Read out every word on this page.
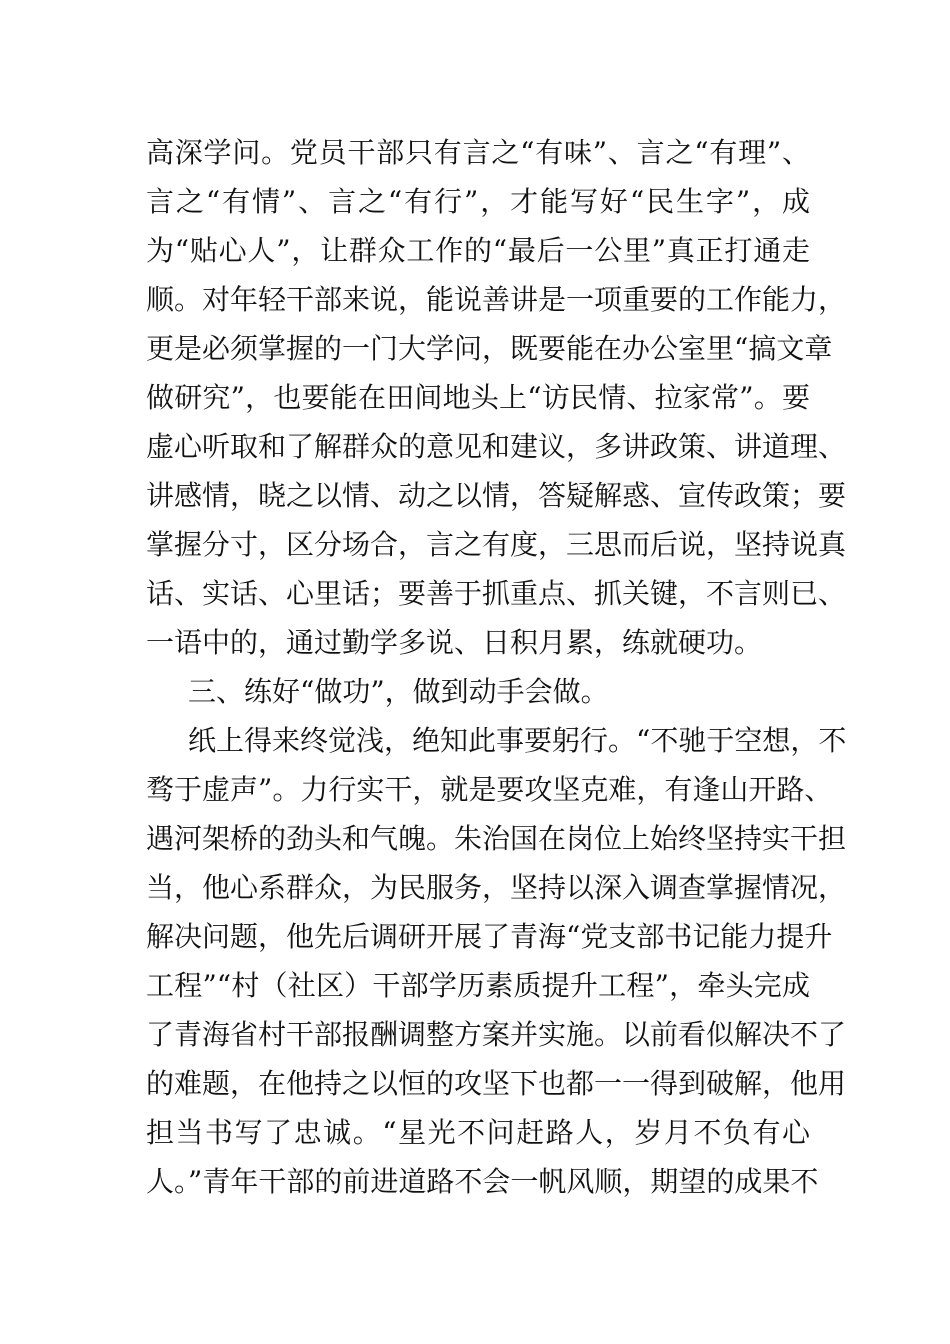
高深学问。党员干部只有言之“有味”、言之“有理”、
言之“有情”、言之“有行”，才能写好“民生字”，成
为“贴心人”，让群众工作的“最后一公里”真正打通走
顺。对年轻干部来说，能说善讲是一项重要的工作能力，
更是必须掌握的一门大学问，既要能在办公室里“搞文章
做研究”，也要能在田间地头上“访民情、拉家常”。要
虚心听取和了解群众的意见和建议，多讲政策、讲道理、
讲感情，晓之以情、动之以情，答疑解惑、宣传政策；要
掌握分寸，区分场合，言之有度，三思而后说，坚持说真
话、实话、心里话；要善于抓重点、抓关键，不言则已、
一语中的，通过勤学多说、日积月累，练就硬功。
三、练好“做功”，做到动手会做。
纸上得来终觉浅，绝知此事要躬行。“不驰于空想，不
骛于虚声”。力行实干，就是要攻坚克难，有逢山开路、
遇河架桥的劲头和气魄。朱治国在岗位上始终坚持实干担
当，他心系群众，为民服务，坚持以深入调查掌握情况，
解决问题，他先后调研开展了青海“党支部书记能力提升
工程”“村（社区）干部学历素质提升工程”，牵头完成
了青海省村干部报酬调整方案并实施。以前看似解决不了
的难题，在他持之以恒的攻坚下也都一一得到破解，他用
担当书写了忠诚。“星光不问赶路人，岁月不负有心
人。”青年干部的前进道路不会一帆风顺，期望的成果不
